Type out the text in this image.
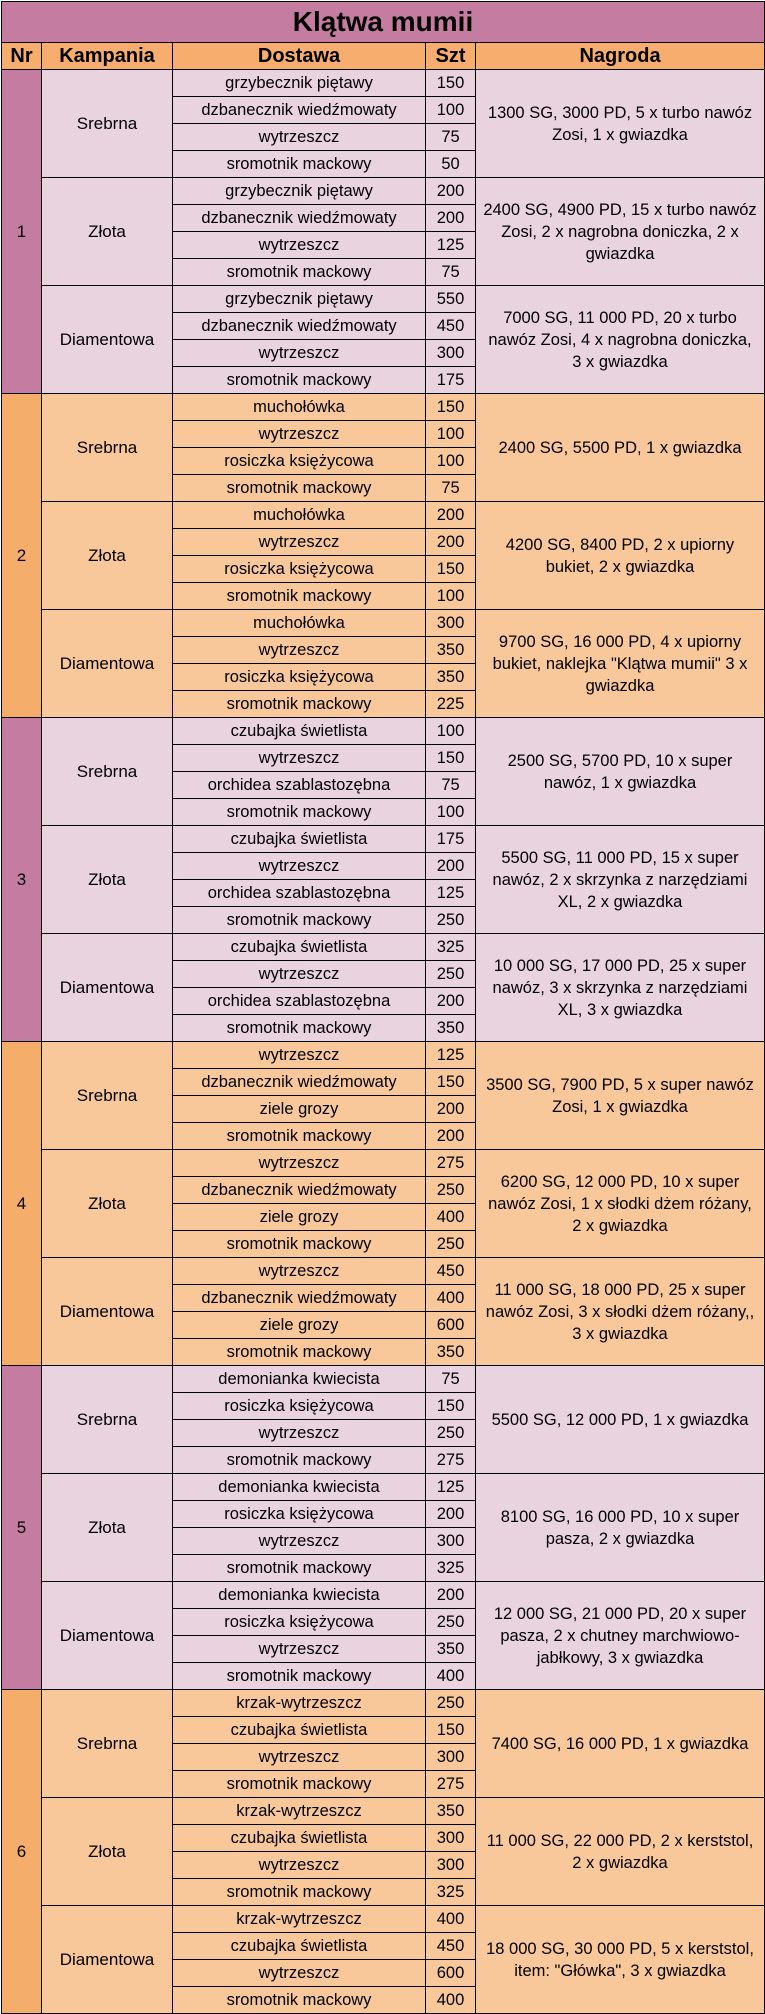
Klątwa mumii				
Nr	Kampania	Dostawa	Szt	Nagroda
1	Srebrna	grzybecznik piętawy	150	1300 SG, 3000 PD, 5 x turbo nawóz Zosi, 1 x gwiazdka
		dzbanecznik wiedźmowaty	100	
		wytrzeszcz	75	
		sromotnik mackowy	50	
	Złota	grzybecznik piętawy	200	2400 SG, 4900 PD, 15 x turbo nawóz Zosi, 2 x nagrobna doniczka, 2 x gwiazdka
		dzbanecznik wiedźmowaty	200	
		wytrzeszcz	125	
		sromotnik mackowy	75	
	Diamentowa	grzybecznik piętawy	550	7000 SG, 11 000 PD, 20 x turbo nawóz Zosi, 4 x nagrobna doniczka, 3 x gwiazdka
		dzbanecznik wiedźmowaty	450	
		wytrzeszcz	300	
		sromotnik mackowy	175	
2	Srebrna	muchołówka	150	2400 SG, 5500 PD, 1 x gwiazdka
		wytrzeszcz	100	
		rosiczka księżycowa	100	
		sromotnik mackowy	75	
	Złota	muchołówka	200	4200 SG, 8400 PD, 2 x upiorny bukiet, 2 x gwiazdka
		wytrzeszcz	200	
		rosiczka księżycowa	150	
		sromotnik mackowy	100	
	Diamentowa	muchołówka	300	9700 SG, 16 000 PD, 4 x upiorny bukiet, naklejka "Klątwa mumii" 3 x gwiazdka
		wytrzeszcz	350	
		rosiczka księżycowa	350	
		sromotnik mackowy	225	
3	Srebrna	czubajka świetlista	100	2500 SG, 5700 PD, 10 x super nawóz, 1 x gwiazdka
		wytrzeszcz	150	
		orchidea szablastozębna	75	
		sromotnik mackowy	100	
	Złota	czubajka świetlista	175	5500 SG, 11 000 PD, 15 x super nawóz, 2 x skrzynka z narzędziami XL, 2 x gwiazdka
		wytrzeszcz	200	
		orchidea szablastozębna	125	
		sromotnik mackowy	250	
	Diamentowa	czubajka świetlista	325	10 000 SG, 17 000 PD, 25 x super nawóz, 3 x skrzynka z narzędziami XL, 3 x gwiazdka
		wytrzeszcz	250	
		orchidea szablastozębna	200	
		sromotnik mackowy	350	
4	Srebrna	wytrzeszcz	125	3500 SG, 7900 PD, 5 x super nawóz Zosi, 1 x gwiazdka
		dzbanecznik wiedźmowaty	150	
		ziele grozy	200	
		sromotnik mackowy	200	
	Złota	wytrzeszcz	275	6200 SG, 12 000 PD, 10 x super nawóz Zosi, 1 x słodki dżem różany, 2 x gwiazdka
		dzbanecznik wiedźmowaty	250	
		ziele grozy	400	
		sromotnik mackowy	250	
	Diamentowa	wytrzeszcz	450	11 000 SG, 18 000 PD, 25 x super nawóz Zosi, 3 x słodki dżem różany,, 3 x gwiazdka
		dzbanecznik wiedźmowaty	400	
		ziele grozy	600	
		sromotnik mackowy	350	
5	Srebrna	demonianka kwiecista	75	5500 SG, 12 000 PD, 1 x gwiazdka
		rosiczka księżycowa	150	
		wytrzeszcz	250	
		sromotnik mackowy	275	
	Złota	demonianka kwiecista	125	8100 SG, 16 000 PD, 10 x super pasza, 2 x gwiazdka
		rosiczka księżycowa	200	
		wytrzeszcz	300	
		sromotnik mackowy	325	
	Diamentowa	demonianka kwiecista	200	12 000 SG, 21 000 PD, 20 x super pasza, 2 x chutney marchwiowo-jabłkowy, 3 x gwiazdka
		rosiczka księżycowa	250	
		wytrzeszcz	350	
		sromotnik mackowy	400	
6	Srebrna	krzak-wytrzeszcz	250	7400 SG, 16 000 PD, 1 x gwiazdka
		czubajka świetlista	150	
		wytrzeszcz	300	
		sromotnik mackowy	275	
	Złota	krzak-wytrzeszcz	350	11 000 SG, 22 000 PD, 2 x kerststol, 2 x gwiazdka
		czubajka świetlista	300	
		wytrzeszcz	300	
		sromotnik mackowy	325	
	Diamentowa	krzak-wytrzeszcz	400	18 000 SG, 30 000 PD, 5 x kerststol, item: "Główka", 3 x gwiazdka
		czubajka świetlista	450	
		wytrzeszcz	600	
		sromotnik mackowy	400	
